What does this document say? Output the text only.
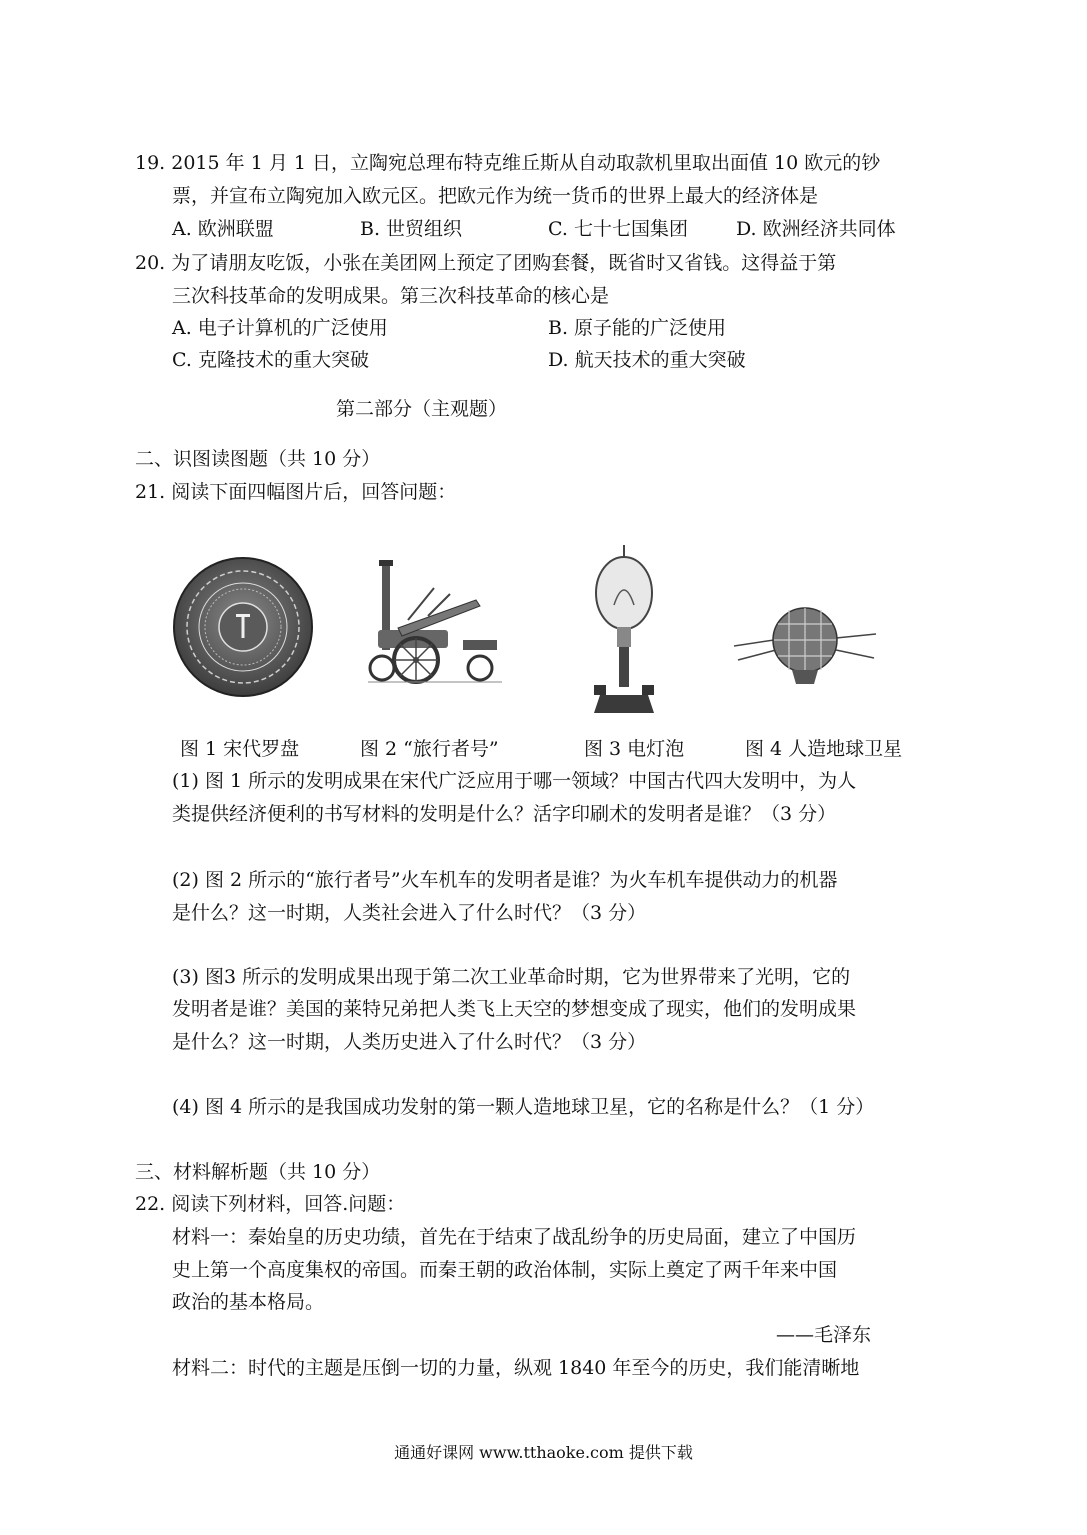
19. 2015 年 1 月 1 日，立陶宛总理布特克维丘斯从自动取款机里取出面值 10 欧元的钞
票，并宣布立陶宛加入欧元区。把欧元作为统一货币的世界上最大的经济体是
A. 欧洲联盟	B. 世贸组织	C. 七十七国集团	D. 欧洲经济共同体
20. 为了请朋友吃饭，小张在美团网上预定了团购套餐，既省时又省钱。这得益于第
三次科技革命的发明成果。第三次科技革命的核心是
A. 电子计算机的广泛使用	B. 原子能的广泛使用
C. 克隆技术的重大突破	D. 航天技术的重大突破
第二部分（主观题）
二、识图读图题（共 10 分）
21. 阅读下面四幅图片后，回答问题：
图 1 宋代罗盘	图 2 “旅行者号”	图 3 电灯泡	图 4 人造地球卫星
(1) 图 1 所示的发明成果在宋代广泛应用于哪一领域？中国古代四大发明中，为人
类提供经济便利的书写材料的发明是什么？活字印刷术的发明者是谁？（3 分）
(2) 图 2 所示的“旅行者号”火车机车的发明者是谁？为火车机车提供动力的机器
是什么？这一时期，人类社会进入了什么时代？（3 分）
(3) 图3 所示的发明成果出现于第二次工业革命时期，它为世界带来了光明，它的
发明者是谁？美国的莱特兄弟把人类飞上天空的梦想变成了现实，他们的发明成果
是什么？这一时期，人类历史进入了什么时代？（3 分）
(4) 图 4 所示的是我国成功发射的第一颗人造地球卫星，它的名称是什么？（1 分）
三、材料解析题（共 10 分）
22. 阅读下列材料，回答.问题：
材料一：秦始皇的历史功绩，首先在于结束了战乱纷争的历史局面，建立了中国历
史上第一个高度集权的帝国。而秦王朝的政治体制，实际上奠定了两千年来中国
政治的基本格局。
——毛泽东
材料二：时代的主题是压倒一切的力量，纵观 1840 年至今的历史，我们能清晰地
通通好课网 www.tthaoke.com 提供下载
